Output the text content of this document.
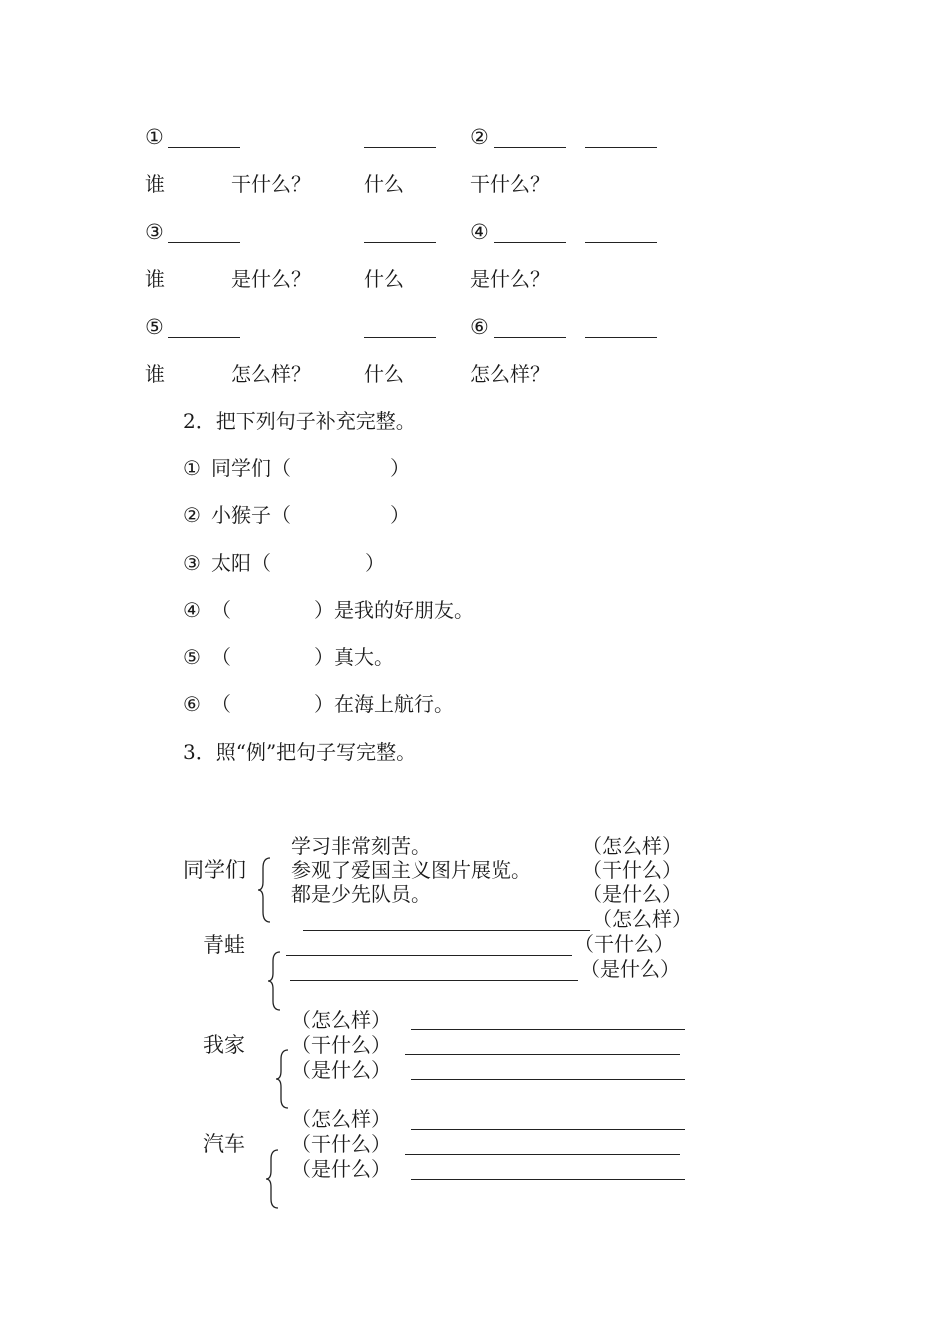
①	②
谁	干什么？	什么	干什么？
③	④
谁	是什么？	什么	是什么？
⑤	⑥
谁	怎么样？	什么	怎么样？
2．把下列句子补充完整。
① 同学们（	）
② 小猴子（	）
③ 太阳（	）
④ （	）是我的好朋友。
⑤ （	）真大。
⑥ （	）在海上航行。
3．照“例”把句子写完整。
同学们
学习非常刻苦。
参观了爱国主义图片展览。
都是少先队员。
（怎么样）
（干什么）
（是什么）
青蛙
（怎么样）
（干什么）
（是什么）
我家
（怎么样）
（干什么）
（是什么）
汽车
（怎么样）
（干什么）
（是什么）
